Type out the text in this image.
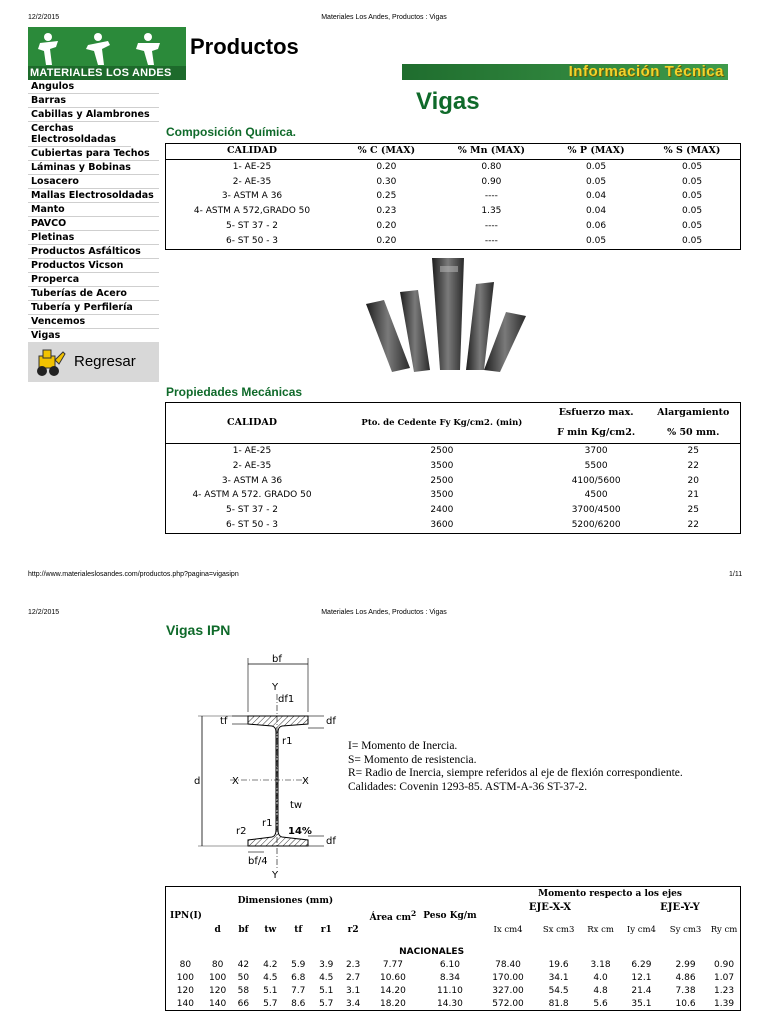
12/2/2015	Materiales Los Andes, Productos : Vigas
MATERIALES LOS ANDES
Productos
Información Técnica
Angulos
Barras
Cabillas y Alambrones
Cerchas Electrosoldadas
Cubiertas para Techos
Láminas y Bobinas
Losacero
Mallas Electrosoldadas
Manto
PAVCO
Pletinas
Productos Asfálticos
Productos Vicson
Properca
Tuberías de Acero
Tubería y Perfilería
Vencemos
Vigas
Regresar
Vigas
Composición Química.
CALIDAD	% C (MAX)	% Mn (MAX)	% P (MAX)	% S (MAX)
1- AE-25	0.20	0.80	0.05	0.05
2- AE-35	0.30	0.90	0.05	0.05
3- ASTM A 36	0.25	----	0.04	0.05
4- ASTM A 572,GRADO 50	0.23	1.35	0.04	0.05
5- ST 37 - 2	0.20	----	0.06	0.05
6- ST 50 - 3	0.20	----	0.05	0.05
Propiedades Mecánicas
CALIDAD	Pto. de Cedente Fy Kg/cm2. (min)	Esfuerzo max.	Alargamiento
		F min Kg/cm2.	% 50 mm.
1- AE-25	2500	3700	25
2- AE-35	3500	5500	22
3- ASTM A 36	2500	4100/5600	20
4- ASTM A 572. GRADO 50	3500	4500	21
5- ST 37 - 2	2400	3700/4500	25
6- ST 50 - 3	3600	5200/6200	22
http://www.materialeslosandes.com/productos.php?pagina=vigasipn	1/11
12/2/2015	Materiales Los Andes, Productos : Vigas
Vigas IPN
bf
Y
Y
df1
tf	df
r1
d	X	X
tw
r1
14%
r2
df
bf/4
I= Momento de Inercia.
S= Momento de resistencia.
R= Radio de Inercia, siempre referidos al eje de flexión correspondiente.
Calidades: Covenin 1293-85. ASTM-A-36 ST-37-2.
IPN(I)	Dimensiones (mm)						Área $cm^2$	Peso Kg/m	Momento respecto a los ejes					
									EJE-X-X			EJE-Y-Y		
	d	bf	tw	tf	r1	r2			Ix cm4	Sx cm3	Rx cm	Iy cm4	Sy cm3	Ry cm
NACIONALES														
80	80	42	4.2	5.9	3.9	2.3	7.77	6.10	78.40	19.6	3.18	6.29	2.99	0.90
100	100	50	4.5	6.8	4.5	2.7	10.60	8.34	170.00	34.1	4.0	12.1	4.86	1.07
120	120	58	5.1	7.7	5.1	3.1	14.20	11.10	327.00	54.5	4.8	21.4	7.38	1.23
140	140	66	5.7	8.6	5.7	3.4	18.20	14.30	572.00	81.8	5.6	35.1	10.6	1.39
